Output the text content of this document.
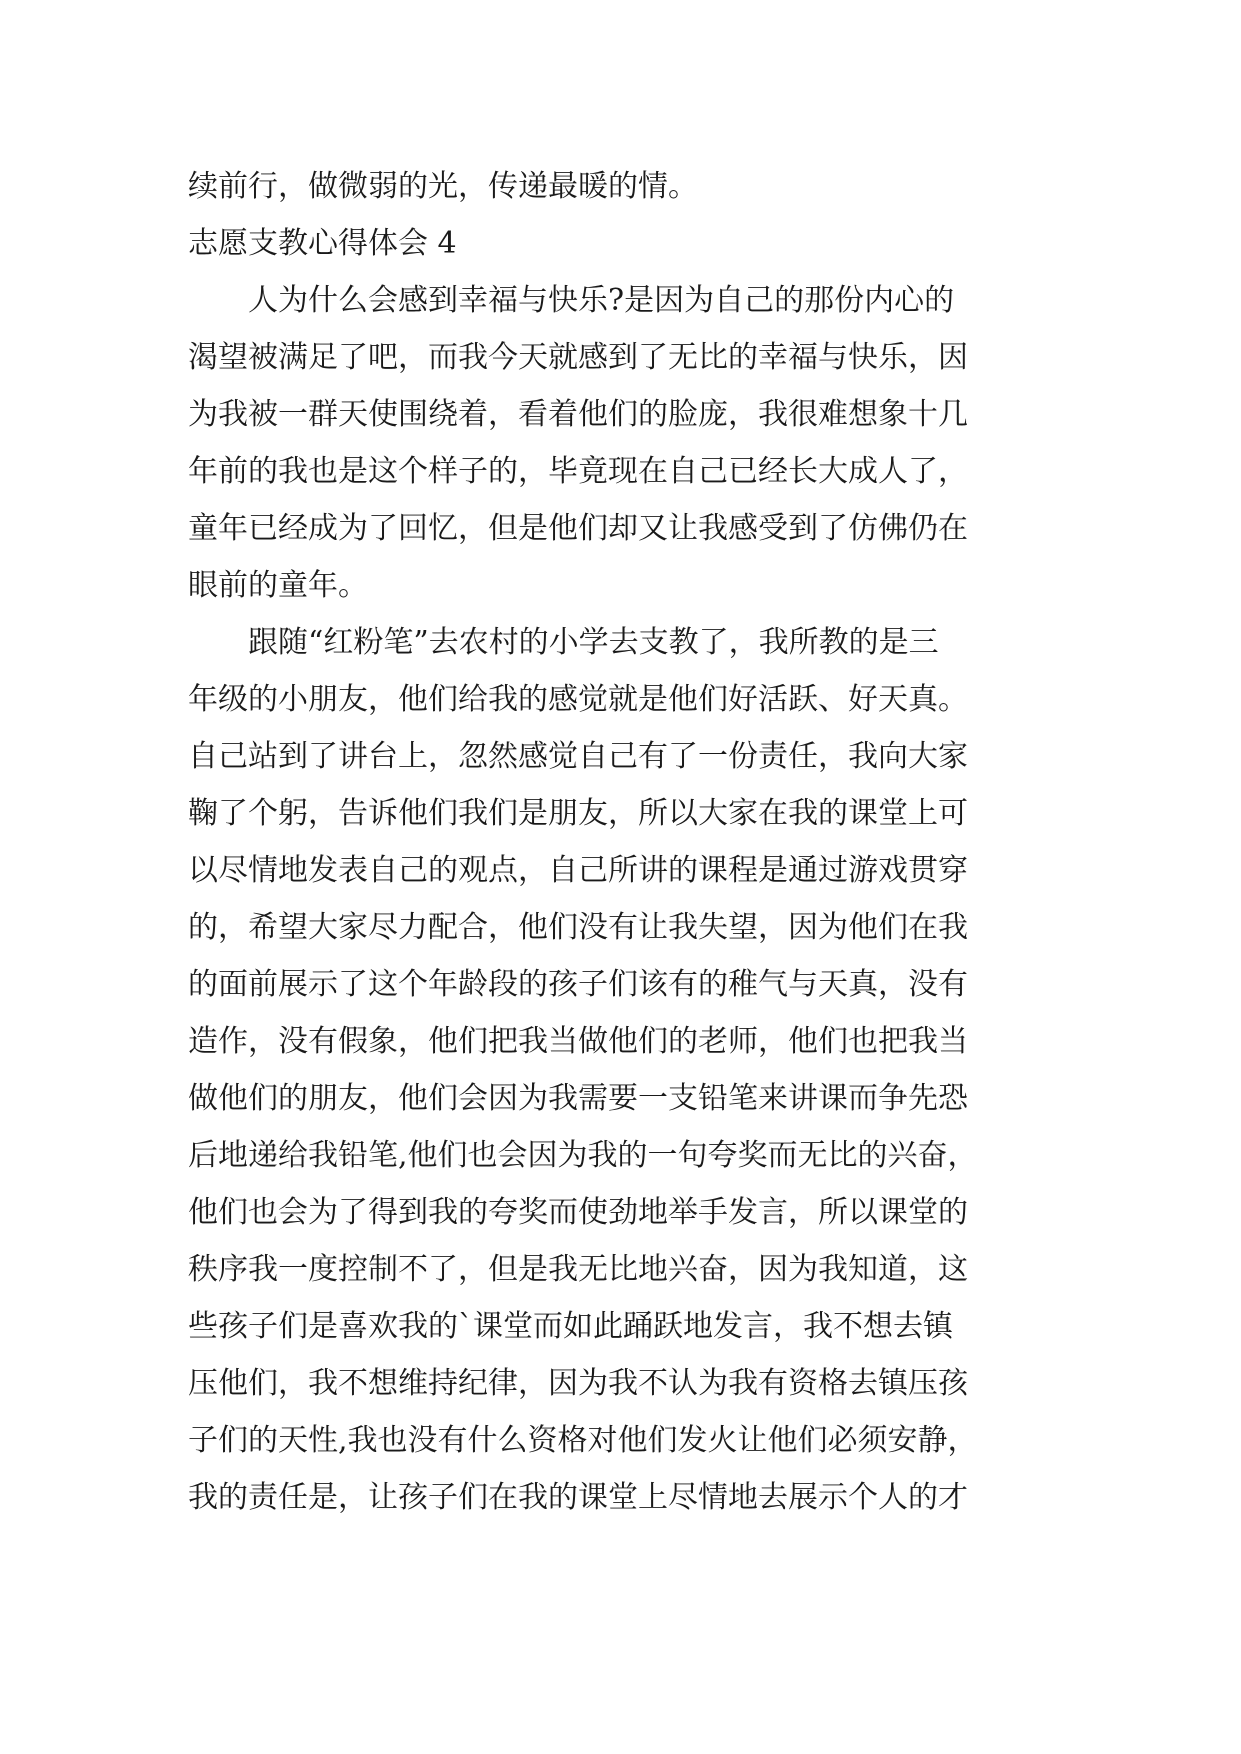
续前行，做微弱的光，传递最暖的情。
志愿支教心得体会 4
人为什么会感到幸福与快乐?是因为自己的那份内心的
渴望被满足了吧，而我今天就感到了无比的幸福与快乐，因
为我被一群天使围绕着，看着他们的脸庞，我很难想象十几
年前的我也是这个样子的，毕竟现在自己已经长大成人了，
童年已经成为了回忆，但是他们却又让我感受到了仿佛仍在
眼前的童年。
跟随“红粉笔”去农村的小学去支教了，我所教的是三
年级的小朋友，他们给我的感觉就是他们好活跃、好天真。
自己站到了讲台上，忽然感觉自己有了一份责任，我向大家
鞠了个躬，告诉他们我们是朋友，所以大家在我的课堂上可
以尽情地发表自己的观点，自己所讲的课程是通过游戏贯穿
的，希望大家尽力配合，他们没有让我失望，因为他们在我
的面前展示了这个年龄段的孩子们该有的稚气与天真，没有
造作，没有假象，他们把我当做他们的老师，他们也把我当
做他们的朋友，他们会因为我需要一支铅笔来讲课而争先恐
后地递给我铅笔,他们也会因为我的一句夸奖而无比的兴奋，
他们也会为了得到我的夸奖而使劲地举手发言，所以课堂的
秩序我一度控制不了，但是我无比地兴奋，因为我知道，这
些孩子们是喜欢我的`课堂而如此踊跃地发言，我不想去镇
压他们，我不想维持纪律，因为我不认为我有资格去镇压孩
子们的天性,我也没有什么资格对他们发火让他们必须安静，
我的责任是，让孩子们在我的课堂上尽情地去展示个人的才
